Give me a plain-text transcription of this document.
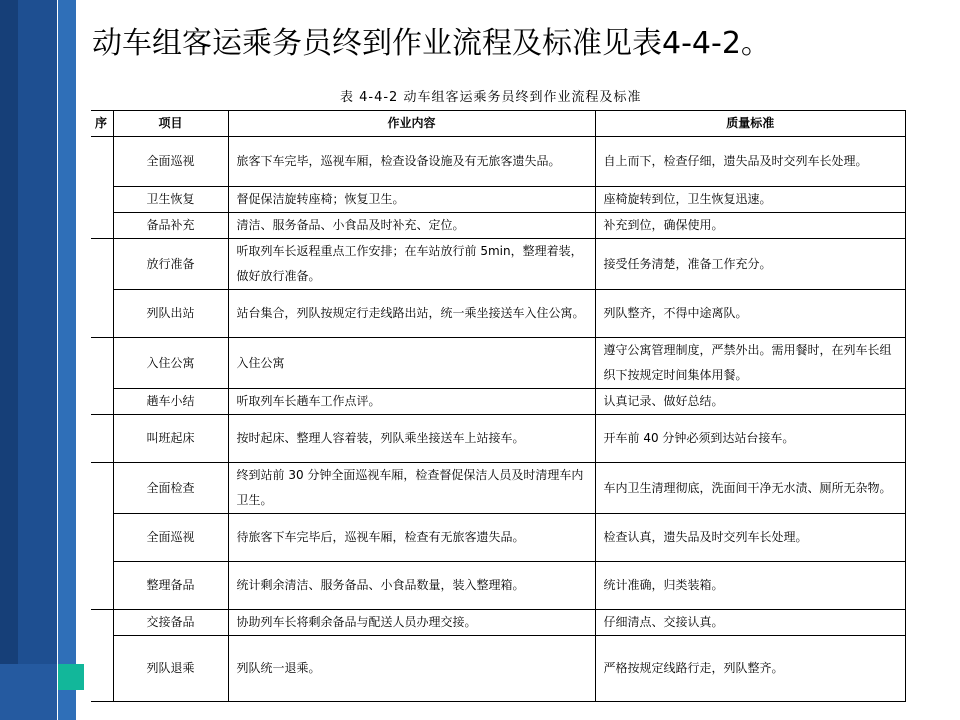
动车组客运乘务员终到作业流程及标准见表4-4-2。
表 4-4-2 动车组客运乘务员终到作业流程及标准
序	项目	作业内容	质量标准
	全面巡视	旅客下车完毕，巡视车厢，检查设备设施及有无旅客遗失品。	自上而下，检查仔细，遗失品及时交列车长处理。
	卫生恢复	督促保洁旋转座椅；恢复卫生。	座椅旋转到位，卫生恢复迅速。
	备品补充	清洁、服务备品、小食品及时补充、定位。	补充到位，确保使用。
	放行准备	听取列车长返程重点工作安排；在车站放行前 5min，整理着装，做好放行准备。	接受任务清楚，准备工作充分。
	列队出站	站台集合，列队按规定行走线路出站，统一乘坐接送车入住公寓。	列队整齐，不得中途离队。
	入住公寓	入住公寓	遵守公寓管理制度，严禁外出。需用餐时，在列车长组织下按规定时间集体用餐。
	趟车小结	听取列车长趟车工作点评。	认真记录、做好总结。
	叫班起床	按时起床、整理人容着装，列队乘坐接送车上站接车。	开车前 40 分钟必须到达站台接车。
	全面检查	终到站前 30 分钟全面巡视车厢，检查督促保洁人员及时清理车内卫生。	车内卫生清理彻底，洗面间干净无水渍、厕所无杂物。
	全面巡视	待旅客下车完毕后，巡视车厢，检查有无旅客遗失品。	检查认真，遗失品及时交列车长处理。
	整理备品	统计剩余清洁、服务备品、小食品数量，装入整理箱。	统计准确，归类装箱。
	交接备品	协助列车长将剩余备品与配送人员办理交接。	仔细清点、交接认真。
	列队退乘	列队统一退乘。	严格按规定线路行走，列队整齐。
